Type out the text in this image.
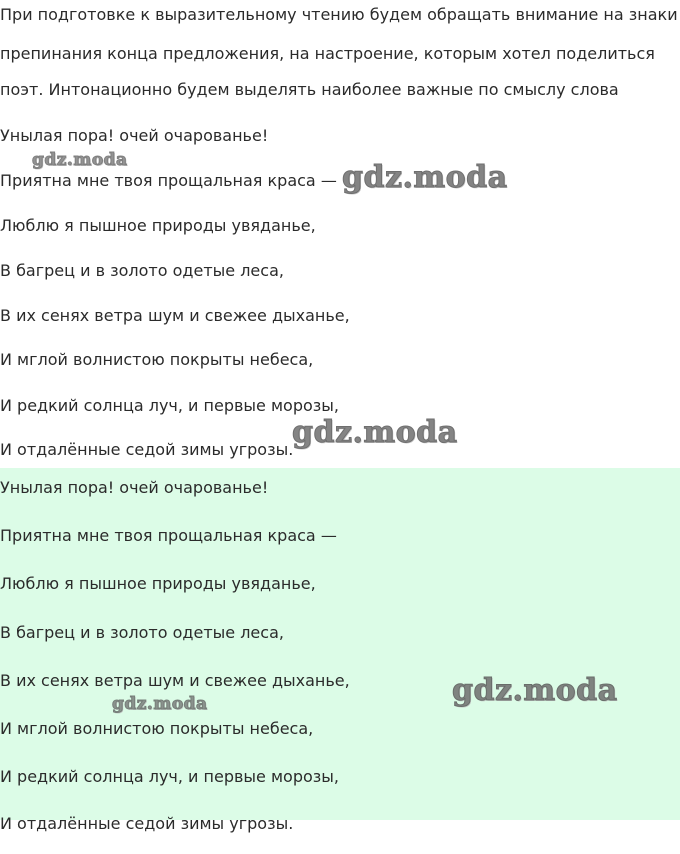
При подготовке к выразительному чтению будем обращать внимание на знаки
препинания конца предложения, на настроение, которым хотел поделиться
поэт. Интонационно будем выделять наиболее важные по смыслу слова
Унылая пора! очей очарованье!
Приятна мне твоя прощальная краса —
Люблю я пышное природы увяданье,
В багрец и в золото одетые леса,
В их сенях ветра шум и свежее дыханье,
И мглой волнистою покрыты небеса,
И редкий солнца луч, и первые морозы,
И отдалённые седой зимы угрозы.
Унылая пора! очей очарованье!
Приятна мне твоя прощальная краса —
Люблю я пышное природы увяданье,
В багрец и в золото одетые леса,
В их сенях ветра шум и свежее дыханье,
И мглой волнистою покрыты небеса,
И редкий солнца луч, и первые морозы,
И отдалённые седой зимы угрозы.
gdz.moda	gdz.moda
gdz.moda
gdz.moda
gdz.moda
